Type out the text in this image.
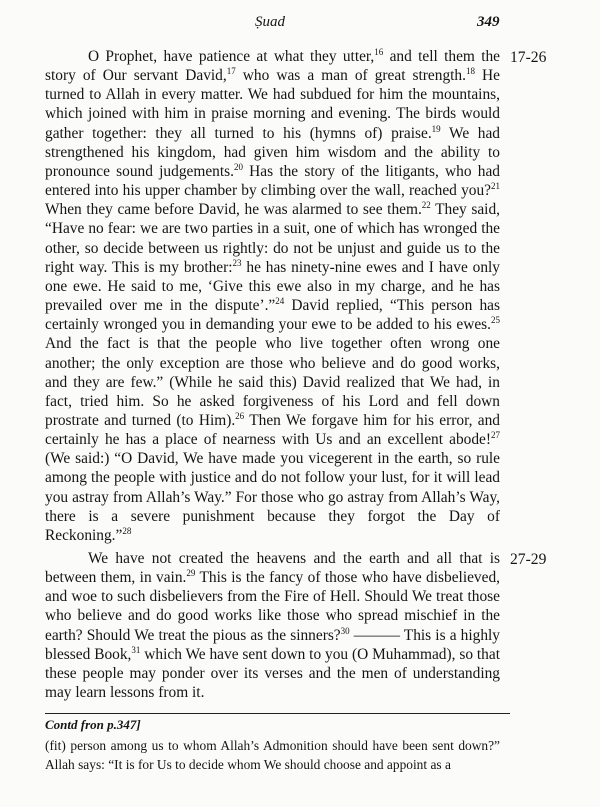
Ṣuad	349
O Prophet, have patience at what they utter,$^{16}$ and tell them the story of Our servant David,$^{17}$ who was a man of great strength.$^{18}$ He turned to Allah in every matter. We had subdued for him the mountains, which joined with him in praise morning and evening. The birds would gather together: they all turned to his (hymns of) praise.$^{19}$ We had strengthened his kingdom, had given him wisdom and the ability to pronounce sound judgements.$^{20}$ Has the story of the litigants, who had entered into his upper chamber by climbing over the wall, reached you?$^{21}$ When they came before David, he was alarmed to see them.$^{22}$ They said, “Have no fear: we are two parties in a suit, one of which has wronged the other, so decide between us rightly: do not be unjust and guide us to the right way. This is my brother:$^{23}$ he has ninety-nine ewes and I have only one ewe. He said to me, ‘Give this ewe also in my charge, and he has prevailed over me in the dispute’.”$^{24}$ David replied, “This person has certainly wronged you in demanding your ewe to be added to his ewes.$^{25}$ And the fact is that the people who live together often wrong one another; the only exception are those who believe and do good works, and they are few.” (While he said this) David realized that We had, in fact, tried him. So he asked forgiveness of his Lord and fell down prostrate and turned (to Him).$^{26}$ Then We forgave him for his error, and certainly he has a place of nearness with Us and an excellent abode!$^{27}$ (We said:) “O David, We have made you vicegerent in the earth, so rule among the people with justice and do not follow your lust, for it will lead you astray from Allah’s Way.” For those who go astray from Allah’s Way, there is a severe punishment because they forgot the Day of Reckoning.”$^{28}$
17-26
We have not created the heavens and the earth and all that is between them, in vain.$^{29}$ This is the fancy of those who have disbelieved, and woe to such disbelievers from the Fire of Hell. Should We treat those who believe and do good works like those who spread mischief in the earth? Should We treat the pious as the sinners?$^{30}$ ——— This is a highly blessed Book,$^{31}$ which We have sent down to you (O Muhammad), so that these people may ponder over its verses and the men of understanding may learn lessons from it.
27-29
Contd fron p.347]
(fit) person among us to whom Allah’s Admonition should have been sent down?” Allah says: “It is for Us to decide whom We should choose and appoint as a
